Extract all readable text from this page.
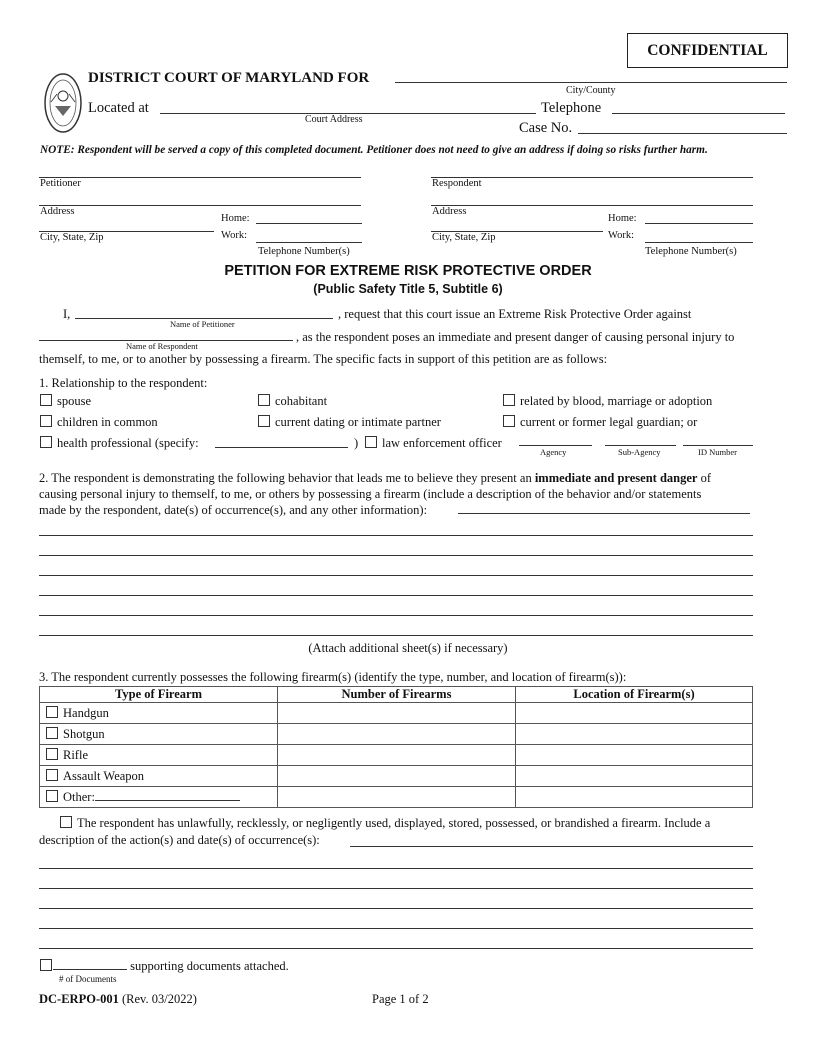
CONFIDENTIAL
DISTRICT COURT OF MARYLAND FOR
City/County
Located at
Court Address
Telephone
Case No.
NOTE: Respondent will be served a copy of this completed document. Petitioner does not need to give an address if doing so risks further harm.
Petitioner
Address
Home:
City, State, Zip	Work:
Telephone Number(s)
Respondent
Address
Home:
City, State, Zip	Work:
Telephone Number(s)
PETITION FOR EXTREME RISK PROTECTIVE ORDER
(Public Safety Title 5, Subtitle 6)
I,
Name of Petitioner
, request that this court issue an Extreme Risk Protective Order against
Name of Respondent
, as the respondent poses an immediate and present danger of causing personal injury to
themself, to me, or to another by possessing a firearm. The specific facts in support of this petition are as follows:
1. Relationship to the respondent:
spouse	cohabitant	related by blood, marriage or adoption
children in common	current dating or intimate partner	current or former legal guardian; or
health professional (specify:	)	law enforcement officer
Agency	Sub-Agency	ID Number
2. The respondent is demonstrating the following behavior that leads me to believe they present an immediate and present danger of
causing personal injury to themself, to me, or others by possessing a firearm (include a description of the behavior and/or statements
made by the respondent, date(s) of occurrence(s), and any other information):
(Attach additional sheet(s) if necessary)
3. The respondent currently possesses the following firearm(s) (identify the type, number, and location of firearm(s)):
Type of Firearm	Number of Firearms	Location of Firearm(s)
Handgun		
Shotgun		
Rifle		
Assault Weapon		
Other:		
The respondent has unlawfully, recklessly, or negligently used, displayed, stored, possessed, or brandished a firearm. Include a
description of the action(s) and date(s) of occurrence(s):
supporting documents attached.
# of Documents
DC-ERPO-001 (Rev. 03/2022)	Page 1 of 2
